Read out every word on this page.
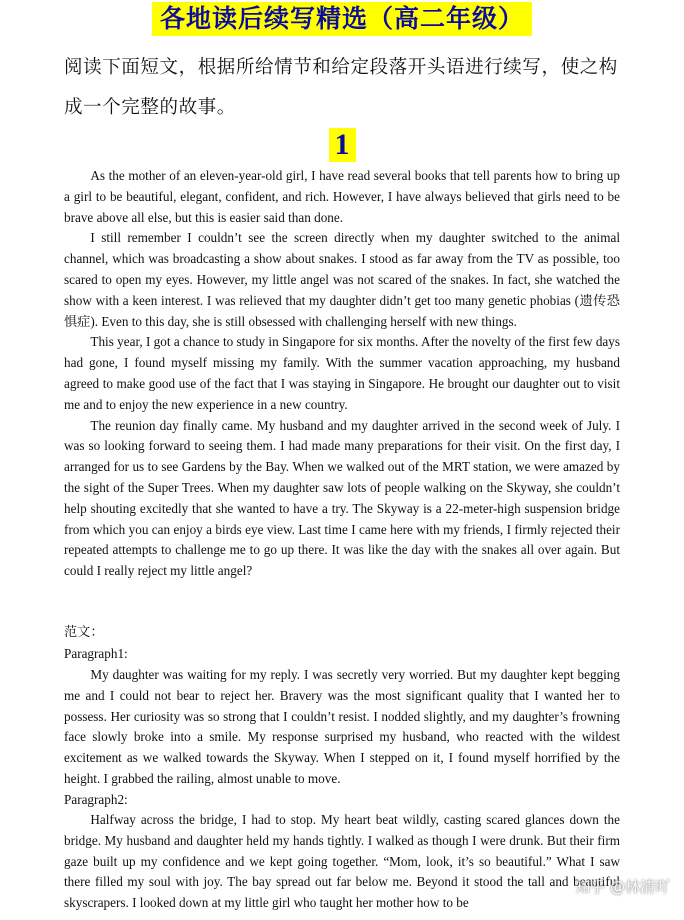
各地读后续写精选（高二年级）
阅读下面短文，根据所给情节和给定段落开头语进行续写，使之构成一个完整的故事。
1

As the mother of an eleven-year-old girl, I have read several books that tell parents how to bring up a girl to be beautiful, elegant, confident, and rich. However, I have always believed that girls need to be brave above all else, but this is easier said than done.

I still remember I couldn’t see the screen directly when my daughter switched to the animal channel, which was broadcasting a show about snakes. I stood as far away from the TV as possible, too scared to open my eyes. However, my little angel was not scared of the snakes. In fact, she watched the show with a keen interest. I was relieved that my daughter didn’t get too many genetic phobias (遗传恐惧症). Even to this day, she is still obsessed with challenging herself with new things.

This year, I got a chance to study in Singapore for six months. After the novelty of the first few days had gone, I found myself missing my family. With the summer vacation approaching, my husband agreed to make good use of the fact that I was staying in Singapore. He brought our daughter out to visit me and to enjoy the new experience in a new country.

The reunion day finally came. My husband and my daughter arrived in the second week of July. I was so looking forward to seeing them. I had made many preparations for their visit. On the first day, I arranged for us to see Gardens by the Bay. When we walked out of the MRT station, we were amazed by the sight of the Super Trees. When my daughter saw lots of people walking on the Skyway, she couldn’t help shouting excitedly that she wanted to have a try. The Skyway is a 22-meter-high suspension bridge from which you can enjoy a birds eye view. Last time I came here with my friends, I firmly rejected their repeated attempts to challenge me to go up there. It was like the day with the snakes all over again. But could I really reject my little angel?

范文：
Paragraph1:

My daughter was waiting for my reply. I was secretly very worried. But my daughter kept begging me and I could not bear to reject her. Bravery was the most significant quality that I wanted her to possess. Her curiosity was so strong that I couldn’t resist. I nodded slightly, and my daughter’s frowning face slowly broke into a smile. My response surprised my husband, who reacted with the wildest excitement as we walked towards the Skyway. When I stepped on it, I found myself horrified by the height. I grabbed the railing, almost unable to move.

Paragraph2:

Halfway across the bridge, I had to stop. My heart beat wildly, casting scared glances down the bridge. My husband and daughter held my hands tightly. I walked as though I were drunk. But their firm gaze built up my confidence and we kept going together. “Mom, look, it’s so beautiful.” What I saw there filled my soul with joy. The bay spread out far below me. Beyond it stood the tall and beautiful skyscrapers. I looked down at my little girl who taught her mother how to be

知乎 @林清吖
